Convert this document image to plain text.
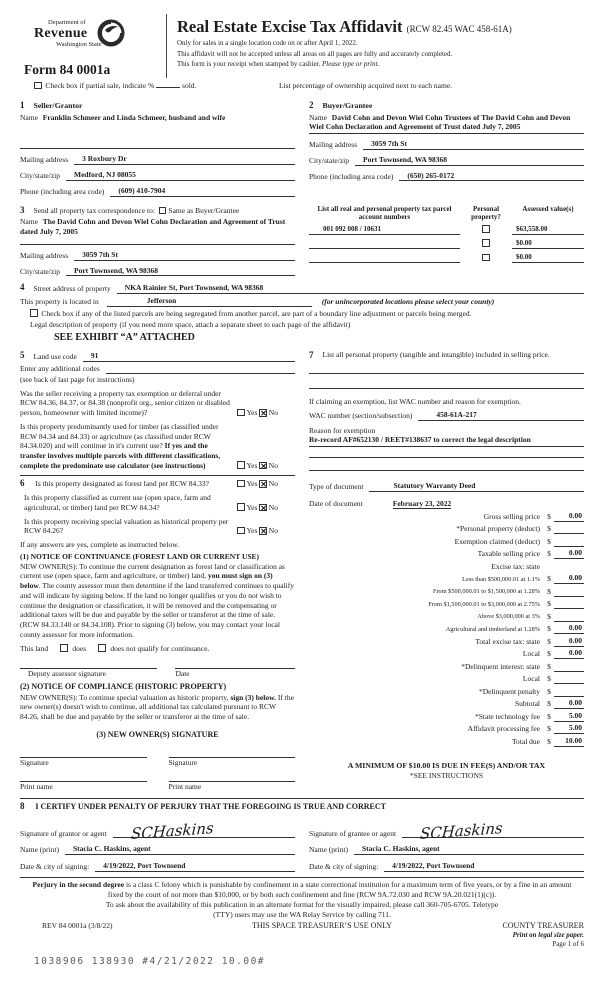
Department of
Revenue
Washington State
Form 84 0001a
Real Estate Excise Tax Affidavit (RCW 82.45 WAC 458-61A)
Only for sales in a single location code on or after April 1, 2022.
This affidavit will not be accepted unless all areas on all pages are fully and accurately completed.
This form is your receipt when stamped by cashier. Please type or print.
Check box if partial sale, indicate %	sold.	List percentage of ownership acquired next to each name.
1 Seller/Grantor
Name Franklin Schmeer and Linda Schmeer, husband and wife
Mailing address	3 Roxbury Dr
City/state/zip	Medford, NJ 08055
Phone (including area code)	(609) 410-7904
2 Buyer/Grantee
Name David Cohn and Devon Wiel Cohn Trustees of The David Cohn and Devon Wiel Cohn Declaration and Agreement of Trust dated July 7, 2005
Mailing address	3059 7th St
City/state/zip	Port Townsend, WA 98368
Phone (including area code)	(650) 265-0172
3 Send all property tax correspondence to: Same as Buyer/Grantee
Name The David Cohn and Devon Wiel Cohn Declaration and Agreement of Trust dated July 7, 2005
Mailing address	3059 7th St
City/state/zip	Port Townsend, WA 98368
List all real and personal property tax parcel account numbers
Personal property?
Assessed value(s)
001 092 008 / 10631	$63,558.00
$0.00
$0.00
4 Street address of property	NKA Rainier St, Port Townsend, WA 98368
This property is located in	Jefferson	(for unincorporated locations please select your county)
Check box if any of the listed parcels are being segregated from another parcel, are part of a boundary line adjustment or parcels being merged.
Legal description of property (if you need more space, attach a separate sheet to each page of the affidavit)
SEE EXHIBIT “A” ATTACHED
5 Land use code	91
Enter any additional codes
(see back of last page for instructions)
Was the seller receiving a property tax exemption or deferral under RCW 84.36, 84.37, or 84.38 (nonprofit org., senior citizen or disabled person, homeowner with limited income)?	Yes ✕ No
Is this property predominantly used for timber (as classified under RCW 84.34 and 84.33) or agriculture (as classified under RCW 84.34.020) and will continue in it's current use? If yes and the transfer involves multiple parcels with different classifications, complete the predominate use calculator (see instructions)	Yes ✕ No
6 Is this property designated as forest land per RCW 84.33?	Yes ✕ No
Is this property classified as current use (open space, farm and agricultural, or timber) land per RCW 84.34?	Yes ✕ No
Is this property receiving special valuation as historical property per RCW 84.26?	Yes ✕ No
If any answers are yes, complete as instructed below.
(1) NOTICE OF CONTINUANCE (FOREST LAND OR CURRENT USE)
NEW OWNER(S): To continue the current designation as forest land or classification as current use (open space, farm and agriculture, or timber) land, you must sign on (3) below. The county assessor must then determine if the land transferred continues to qualify and will indicate by signing below. If the land no longer qualifies or you do not wish to continue the designation or classification, it will be removed and the compensating or additional taxes will be due and payable by the seller or transferor at the time of sale. (RCW 84.33.140 or 84.34.108). Prior to signing (3) below, you may contact your local county assessor for more information.
This land	does	does not qualify for continuance.
Deputy assessor signature	Date
(2) NOTICE OF COMPLIANCE (HISTORIC PROPERTY)
NEW OWNER(S): To continue special valuation as historic property, sign (3) below. If the new owner(s) doesn't wish to continue, all additional tax calculated pursuant to RCW 84.26, shall be due and payable by the seller or transferor at the time of sale.
(3) NEW OWNER(S) SIGNATURE
Signature	Signature
Print name	Print name
7 List all personal property (tangible and intangible) included in selling price.
If claiming an exemption, list WAC number and reason for exemption.
WAC number (section/subsection)	458-61A-217
Reason for exemption
Re-record AF#652130 / REET#138637 to correct the legal description
Type of document	Statutory Warranty Deed
Date of document	February 23, 2022
Gross selling price $	0.00
*Personal property (deduct) $
Exemption claimed (deduct) $
Taxable selling price $	0.00
Excise tax: state
Less than $500,000.01 at 1.1% $	0.00
From $500,000.01 to $1,500,000 at 1.28% $
From $1,500,000.01 to $3,000,000 at 2.75% $
Above $3,000,000 at 3% $
Agricultural and timberland at 1.28% $	0.00
Total excise tax: state $	0.00
Local $	0.00
*Delinquent interest: state $
Local $
*Delinquent penalty $
Subtotal $	0.00
*State technology fee $	5.00
Affidavit processing fee $	5.00
Total due $	10.00
A MINIMUM OF $10.00 IS DUE IN FEE(S) AND/OR TAX
*SEE INSTRUCTIONS
8 I CERTIFY UNDER PENALTY OF PERJURY THAT THE FOREGOING IS TRUE AND CORRECT
Signature of grantor or agent	SCHaskins
Name (print)	Stacia C. Haskins, agent
Date & city of signing:	4/19/2022, Port Townsend
Signature of grantee or agent	SCHaskins
Name (print)	Stacia C. Haskins, agent
Date & city of signing:	4/19/2022, Port Townsend
Perjury in the second degree is a class C felony which is punishable by confinement in a state correctional institution for a maximum term of five years, or by a fine in an amount fixed by the court of not more than $10,000, or by both such confinement and fine (RCW 9A.72.030 and RCW 9A.20.021(1)(c)).
To ask about the availability of this publication in an alternate format for the visually impaired, please call 360-705-6705. Teletype
(TTY) users may use the WA Relay Service by calling 711.
REV 84 0001a (3/8/22)	THIS SPACE TREASURER’S USE ONLY	COUNTY TREASURER
Print on legal size paper.
Page 1 of 6
1038906 138930 #4/21/2022 10.00#
